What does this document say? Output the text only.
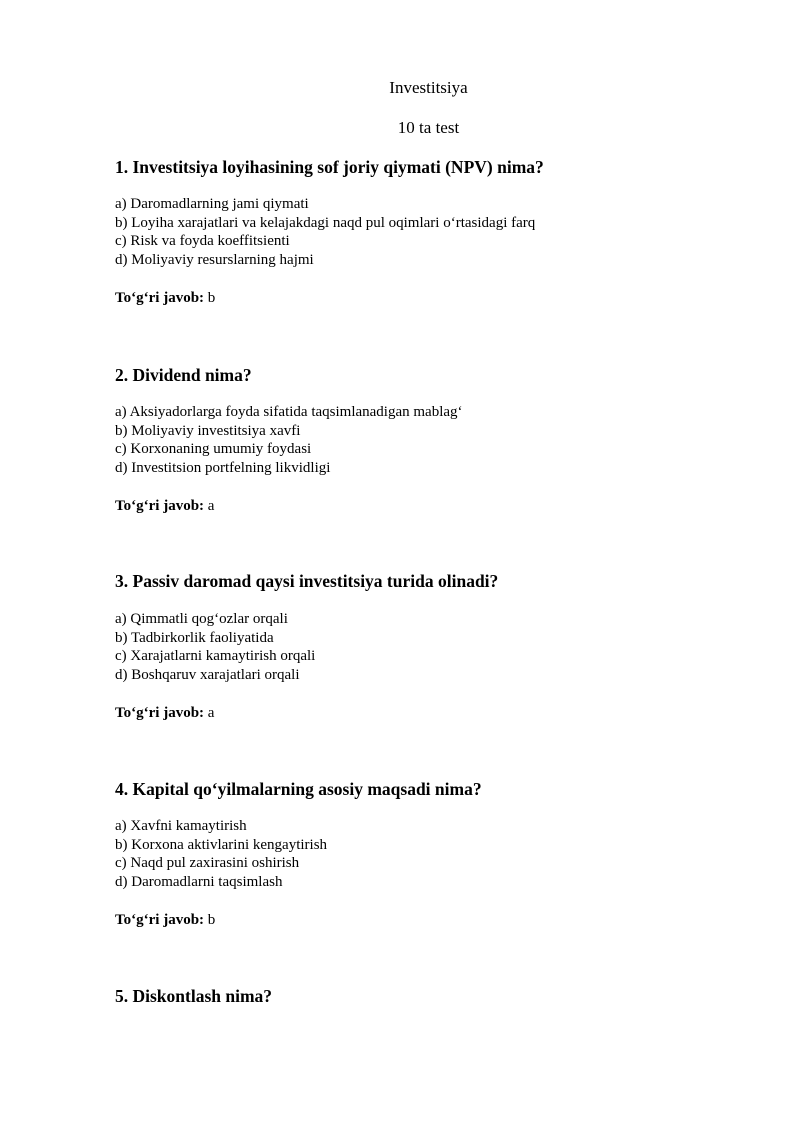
Investitsiya
10 ta test
1. Investitsiya loyihasining sof joriy qiymati (NPV) nima?
a) Daromadlarning jami qiymati
b) Loyiha xarajatlari va kelajakdagi naqd pul oqimlari o‘rtasidagi farq
c) Risk va foyda koeffitsienti
d) Moliyaviy resurslarning hajmi
To‘g‘ri javob: b
2. Dividend nima?
a) Aksiyadorlarga foyda sifatida taqsimlanadigan mablag‘
b) Moliyaviy investitsiya xavfi
c) Korxonaning umumiy foydasi
d) Investitsion portfelning likvidligi
To‘g‘ri javob: a
3. Passiv daromad qaysi investitsiya turida olinadi?
a) Qimmatli qog‘ozlar orqali
b) Tadbirkorlik faoliyatida
c) Xarajatlarni kamaytirish orqali
d) Boshqaruv xarajatlari orqali
To‘g‘ri javob: a
4. Kapital qo‘yilmalarning asosiy maqsadi nima?
a) Xavfni kamaytirish
b) Korxona aktivlarini kengaytirish
c) Naqd pul zaxirasini oshirish
d) Daromadlarni taqsimlash
To‘g‘ri javob: b
5. Diskontlash nima?
